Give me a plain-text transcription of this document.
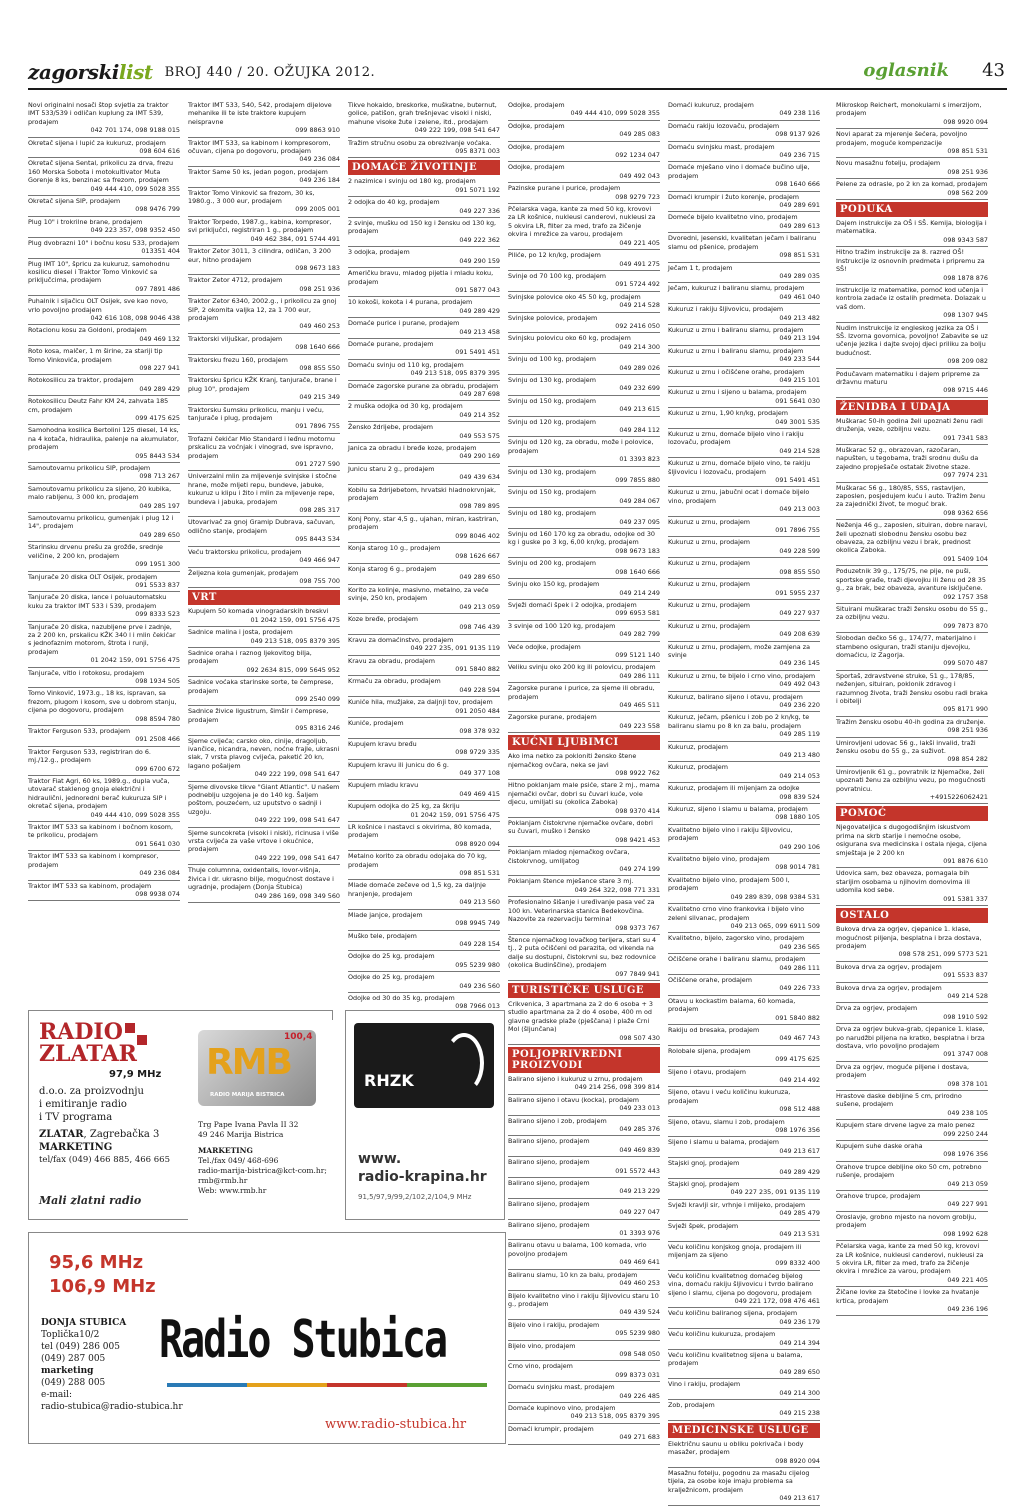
zagorskilist BROJ 440 / 20. OŽUJKA 2012.	oglasnik 43
Novi originalni nosači štop svjetla za traktor IMT 533/539 i odličan kuplung za IMT 539, prodajem
042 701 174, 098 9188 015
Okretač sijena i lupić za kukuruz, prodajem
098 604 616
Okretač sijena Sental, prikolicu za drva, frezu 160 Morska Sobota i motokultivator Muta Gorenje 8 ks, benzinac sa frezom, prodajem
049 444 410, 099 5028 355
Okretač sijena SIP, prodajem
098 9476 799
Plug 10" i trokrilne brane, prodajem
049 223 357, 098 9352 450
Plug dvobrazni 10" i bočnu kosu 533, prodajem
013351 404
Plug IMT 10", špricu za kukuruz, samohodnu kosilicu diesel i Traktor Tomo Vinković sa priključcima, prodajem
097 7891 486
Puhalnik i sijačicu OLT Osijek, sve kao novo, vrlo povoljno prodajem
042 616 108, 098 9046 438
Rotacionu kosu za Goldoni, prodajem
049 469 132
Roto kosa, malčer, 1 m širine, za stariji tip Tomo Vinkovića, prodajem
098 227 941
Rotokosilicu za traktor, prodajem
049 289 429
Rotokosilicu Deutz Fahr KM 24, zahvata 185 cm, prodajem
099 4175 625
Samohodna kosilica Bertolini 125 diesel, 14 ks, na 4 kotača, hidraulika, palenje na akumulator, prodajem
095 8443 534
Samoutovarnu prikolicu SIP, prodajem
098 713 267
Samoutovarnu prikolicu za sijeno, 20 kubika, malo rabljenu, 3 000 kn, prodajem
049 285 197
Samoutovarnu prikolicu, gumenjak i plug 12 i 14", prodajem
049 289 650
Starinsku drvenu prešu za grožđe, srednje veličine, 2 200 kn, prodajem
099 1951 300
Tanjurače 20 diska OLT Osijek, prodajem
091 5533 837
Tanjurače 20 diska, lance i poluautomatsku kuku za traktor IMT 533 i 539, prodajem
099 8333 523
Tanjurače 20 diska, nazubljene prve i zadnje, za 2 200 kn, prskalicu KŽK 340 l i mlin čekićar s jednofaznim motorom, štrota i runji, prodajem
01 2042 159, 091 5756 475
Tanjurače, vitlo i rotokosu, prodajem
098 1934 505
Tomo Vinković, 1973.g., 18 ks, ispravan, sa frezom, plugom i kosom, sve u dobrom stanju, cijena po dogovoru, prodajem
098 8594 780
Traktor Ferguson 533, prodajem
091 2508 466
Traktor Ferguson 533, registriran do 6. mj./12.g., prodajem
099 6700 672
Traktor Fiat Agri, 60 ks, 1989.g., dupla vuča, utovarač staklenog gnoja električni i hidraulični, jednoredni berač kukuruza SIP i okretač sijena, prodajem
049 444 410, 099 5028 355
Traktor IMT 533 sa kabinom i bočnom kosom, te prikolicu, prodajem
091 5641 030
Traktor IMT 533 sa kabinom i kompresor, prodajem
049 236 084
Traktor IMT 533 sa kabinom, prodajem
098 9938 074
Traktor IMT 533, 540, 542, prodajem dijelove mehanike ili te iste traktore kupujem neispravne
099 8863 910
Traktor IMT 533, sa kabinom i kompresorom, očuvan, cijena po dogovoru, prodajem
049 236 084
Traktor Same 50 ks, jedan pogon, prodajem
049 236 184
Traktor Tomo Vinković sa frezom, 30 ks, 1980.g., 3 000 eur, prodajem
099 2005 001
Traktor Torpedo, 1987.g., kabina, kompresor, svi priključci, registriran 1 g., prodajem
049 462 384, 091 5744 491
Traktor Zetor 3011, 3 cilindra, odličan, 3 200 eur, hitno prodajem
098 9673 183
Traktor Zetor 4712, prodajem
098 251 936
Traktor Zetor 6340, 2002.g., i prikolicu za gnoj SIP, 2 okomita valjka 12, za 1 700 eur, prodajem
049 460 253
Traktorski viljuškar, prodajem
098 1640 666
Traktorsku frezu 160, prodajem
098 855 550
Traktorsku špricu KŽK Kranj, tanjurače, brane i plug 10", prodajem
049 215 349
Traktorsku šumsku prikolicu, manju i veću, tanjurače i plug, prodajem
091 7896 755
Trofazni čekićar Mio Standard i leđnu motornu prskalicu za voćnjak i vinograd, sve ispravno, prodajem
091 2727 590
Univerzalni mlin za mljevenje svinjske i stočne hrane, može mljeti repu, bundeve, jabuke, kukuruz u klipu i žito i mlin za mljevenje repe, bundeva i jabuka, prodajem
098 285 317
Utovarivač za gnoj Gramip Dubrava, sačuvan, odlično stanje, prodajem
095 8443 534
Veću traktorsku prikolicu, prodajem
049 466 947
Željezna kola gumenjak, prodajem
098 755 700
VRT
Kupujem 50 komada vinogradarskih breskvi
01 2042 159, 091 5756 475
Sadnice malina i josta, prodajem
049 213 518, 095 8379 395
Sadnice oraha i raznog ljekovitog bilja, prodajem
092 2634 815, 099 5645 952
Sadnice voćaka starinske sorte, te čemprese, prodajem
099 2540 099
Sadnice živice ligustrum, šimšir i čemprese, prodajem
095 8316 246
Sjeme cvijeća; carsko oko, cinije, dragoljub, ivančice, nicandra, neven, noćne frajle, ukrasni slak, 7 vrsta plavog cvijeća, paketić 20 kn, lagano pošaljem
049 222 199, 098 541 647
Sjeme divovske tikve "Giant Atlantic". U našem podneblju uzgojena je do 140 kg. Šaljem poštom, pouzećem, uz uputstvo o sadnji i uzgoju.
049 222 199, 098 541 647
Sjeme suncokreta (visoki i niski), ricinusa i više vrsta cvijeća za vaše vrtove i okućnice, prodajem
049 222 199, 098 541 647
Thuje columnna, oxidentalis, lovor-višnja, živica i dr. ukrasno bilje, mogućnost dostave i ugradnje, prodajem (Donja Stubica)
049 286 169, 098 349 560
Tikve hokaido, breskorke, muškatne, buternut, golice, patišon, grah trešnjevac visoki i niski, mahune visoke žute i zelene, itd., prodajem
049 222 199, 098 541 647
Tražim stručnu osobu za obrezivanje voćaka.
095 8371 003
DOMAĆE ŽIVOTINJE
2 nazimice i svinju od 180 kg, prodajem
091 5071 192
2 odojka do 40 kg, prodajem
049 227 336
2 svinje, mušku od 150 kg i žensku od 130 kg, prodajem
049 222 362
3 odojka, prodajem
049 290 159
Američku bravu, mladog pijetla i mladu koku, prodajem
091 5877 043
10 kokoši, kokota i 4 purana, prodajem
049 289 429
Domaće purice i purane, prodajem
049 213 458
Domaće purane, prodajem
091 5491 451
Domaću svinju od 110 kg, prodajem
049 213 518, 095 8379 395
Domaće zagorske purane za obradu, prodajem
049 287 698
2 muška odojka od 30 kg, prodajem
049 214 352
Žensko ždrijebe, prodajem
049 553 575
Janica za obradu i bređe koze, prodajem
049 290 169
Junicu staru 2 g., prodajem
049 439 634
Kobilu sa ždrijebetom, hrvatski hladnokrvnjak, prodajem
098 789 895
Konj Pony, star 4,5 g., ujahan, miran, kastriran, prodajem
099 8046 402
Konja starog 10 g., prodajem
098 1626 667
Konja starog 6 g., prodajem
049 289 650
Korito za kolinje, masivno, metalno, za veće svinje, 250 kn, prodajem
049 213 059
Koze bređe, prodajem
098 746 439
Kravu za domaćinstvo, prodajem
049 227 235, 091 9135 119
Kravu za obradu, prodajem
091 5840 882
Krmaču za obradu, prodajem
049 228 594
Kuniće hila, mužjake, za daljnji tov, prodajem
091 2050 484
Kuniće, prodajem
098 378 932
Kupujem kravu bređu
098 9729 335
Kupujem kravu ili junicu do 6 g.
049 377 108
Kupujem mladu kravu
049 469 415
Kupujem odojka do 25 kg, za škriju
01 2042 159, 091 5756 475
LR košnice i nastavci s okvirima, 80 komada, prodajem
098 8920 094
Metalno korito za obradu odojaka do 70 kg, prodajem
098 851 531
Mlade domaće zečeve od 1,5 kg, za daljnje hranjenje, prodajem
049 213 560
Mlade janjce, prodajem
098 9945 749
Muško tele, prodajem
049 228 154
Odojke do 25 kg, prodajem
095 5239 980
Odojke do 25 kg, prodajem
049 236 560
Odojke od 30 do 35 kg, prodajem
098 7966 013
Odojke, prodajem
049 444 410, 099 5028 355
Odojke, prodajem
049 285 083
Odojke, prodajem
092 1234 047
Odojke, prodajem
049 492 043
Pazinske purane i purice, prodajem
098 9279 723
Pčelarska vaga, kante za med 50 kg, krovovi za LR košnice, nukleusi canderovi, nukleusi za 5 okvira LR, filter za med, trafo za žičenje okvira i mrežice za varou, prodajem
049 221 405
Piliće, po 12 kn/kg, prodajem
049 491 275
Svinje od 70 100 kg, prodajem
091 5724 492
Svinjske polovice oko 45 50 kg, prodajem
049 214 528
Svinjske polovice, prodajem
092 2416 050
Svinjsku polovicu oko 60 kg, prodajem
049 214 300
Svinju od 100 kg, prodajem
049 289 026
Svinju od 130 kg, prodajem
049 232 699
Svinju od 150 kg, prodajem
049 213 615
Svinju od 120 kg, prodajem
049 284 112
Svinju od 120 kg, za obradu, može i polovice, prodajem
01 3393 823
Svinju od 130 kg, prodajem
099 7855 880
Svinju od 150 kg, prodajem
049 284 067
Svinju od 180 kg, prodajem
049 237 095
Svinju od 160 170 kg za obradu, odojke od 30 kg i guske po 3 kg, 6,00 kn/kg, prodajem
098 9673 183
Svinju od 200 kg, prodajem
098 1640 666
Svinju oko 150 kg, prodajem
049 214 249
Svježi domaći špek i 2 odojka, prodajem
099 6953 581
3 svinje od 100 120 kg, prodajem
049 282 799
Veće odojke, prodajem
099 5121 140
Veliku svinju oko 200 kg ili polovicu, prodajem
049 286 111
Zagorske purane i purice, za sjeme ili obradu, prodajem
049 465 511
Zagorske purane, prodajem
049 223 558
KUĆNI LJUBIMCI
Ako ima netko za pokloniti žensko štene njemačkog ovčara, neka se javi
098 9922 762
Hitno poklanjam male psiće, stare 2 mj., mama njemački ovčar, dobri su čuvari kuće, vole djecu, umiljati su (okolica Zaboka)
098 9370 414
Poklanjam čistokrvne njemačke ovčare, dobri su čuvari, muško i žensko
098 9421 453
Poklanjam mladog njemačkog ovčara, čistokrvnog, umiljatog
049 274 199
Poklanjam štence mješance stare 3 mj.
049 264 322, 098 771 331
Profesionalno šišanje i uređivanje pasa već za 100 kn. Veterinarska stanica Bedekovčina. Nazovite za rezervaciju termina!
098 9373 767
Štence njemačkog lovačkog terijera, stari su 4 tj., 2 puta očišćeni od parazita, od vikenda na dalje su dostupni, čistokrvni su, bez rodovnice (okolica Budinščine), prodajem
097 7849 941
TURISTIČKE USLUGE
Crikvenica, 3 apartmana za 2 do 6 osoba + 3 studio apartmana za 2 do 4 osobe, 400 m od glavne gradske plaže (pješčana) i plaže Crni Mol (šljunčana)
098 507 430
POLJOPRIVREDNI PROIZVODI
Balirano sijeno i kukuruz u zrnu, prodajem
049 214 256, 098 399 814
Balirano sijeno i otavu (kocka), prodajem
049 233 013
Balirano sijeno i zob, prodajem
049 285 376
Balirano sijeno, prodajem
049 469 839
Balirano sijeno, prodajem
091 5572 443
Balirano sijeno, prodajem
049 213 229
Balirano sijeno, prodajem
049 227 047
Balirano sijeno, prodajem
01 3393 976
Baliranu otavu u balama, 100 komada, vrlo povoljno prodajem
049 469 641
Baliranu slamu, 10 kn za balu, prodajem
049 460 253
Bijelo kvalitetno vino i rakiju šljivovicu staru 10 g., prodajem
049 439 524
Bijelo vino i rakiju, prodajem
095 5239 980
Bijelo vino, prodajem
098 548 050
Crno vino, prodajem
099 8373 031
Domaću svinjsku mast, prodajem
049 226 485
Domaće kupinovo vino, prodajem
049 213 518, 095 8379 395
Domaći krumpir, prodajem
049 271 683
Domaći kukuruz, prodajem
049 238 116
Domaću rakiju lozovaču, prodajem
098 9137 926
Domaću svinjsku mast, prodajem
049 236 715
Domaće mješano vino i domaće bučino ulje, prodajem
098 1640 666
Domaći krumpir i žuto korenje, prodajem
049 289 691
Domeće bijelo kvalitetno vino, prodajem
049 289 613
Dvoredni, jesenski, kvalitetan ječam i baliranu slamu od pšenice, prodajem
098 851 531
Ječam 1 t, prodajem
049 289 035
Ječam, kukuruz i baliranu slamu, prodajem
049 461 040
Kukuruz i rakiju šljivovicu, prodajem
049 213 482
Kukuruz u zrnu i baliranu slamu, prodajem
049 213 194
Kukuruz u zrnu i baliranu slamu, prodajem
049 233 544
Kukuruz u zrnu i očišćene orahe, prodajem
049 215 101
Kukuruz u zrnu i sijeno u balama, prodajem
091 5641 030
Kukuruz u zrnu, 1,90 kn/kg, prodajem
049 3001 535
Kukuruz u zrnu, domaće bijelo vino i rakiju lozovaču, prodajem
049 214 528
Kukuruz u zrnu, domaće bijelo vino, te rakiju šljivovicu i lozovaču, prodajem
091 5491 451
Kukuruz u zrnu, jabučni ocat i domaće bijelo vino, prodajem
049 213 003
Kukuruz u zrnu, prodajem
091 7896 755
Kukuruz u zrnu, prodajem
049 228 599
Kukuruz u zrnu, prodajem
098 855 550
Kukuruz u zrnu, prodajem
091 5955 237
Kukuruz u zrnu, prodajem
049 227 937
Kukuruz u zrnu, prodajem
049 208 639
Kukuruz u zrnu, prodajem, može zamjena za svinje
049 236 145
Kukuruz u zrnu, te bijelo i crno vino, prodajem
049 492 043
Kukuruz, balirano sijeno i otavu, prodajem
049 236 220
Kukuruz, ječam, pšenicu i zob po 2 kn/kg, te baliranu slamu po 8 kn za balu, prodajem
049 285 119
Kukuruz, prodajem
049 213 480
Kukuruz, prodajem
049 214 053
Kukuruz, prodajem ili mijenjam za odojke
098 839 524
Kukuruz, sijeno i slamu u balama, prodajem
098 1880 105
Kvalitetno bijelo vino i rakiju šljivovicu, prodajem
049 290 106
Kvalitetno bijelo vino, prodajem
098 9014 781
Kvalitetno bijelo vino, prodajem 500 l, prodajem
049 289 839, 098 9384 531
Kvalitetno crno vino frankovka i bijelo vino zeleni silvanac, prodajem
049 213 065, 099 6911 509
Kvalitetno, bijelo, zagorsko vino, prodajem
049 236 565
Očišćene orahe i baliranu slamu, prodajem
049 286 111
Očišćene orahe, prodajem
049 226 733
Otavu u kockastim balama, 60 komada, prodajem
091 5840 882
Rakiju od bresaka, prodajem
049 467 743
Rolobale sijena, prodajem
099 4175 625
Sijeno i otavu, prodajem
049 214 492
Sijeno, otavu i veću količinu kukuruza, prodajem
098 512 488
Sijeno, otavu, slamu i zob, prodajem
098 1976 356
Sijeno i slamu u balama, prodajem
049 213 617
Stajski gnoj, prodajem
049 289 429
Stajski gnoj, prodajem
049 227 235, 091 9135 119
Svježi kravlji sir, vrhnje i mlijeko, prodajem
049 285 479
Svježi špek, prodajem
049 213 531
Veću količinu konjskog gnoja, prodajem ili mijenjam za sijeno
099 8332 400
Veću količinu kvalitetnog domaćeg bijelog vina, domaću rakiju šljivovicu i tvrdo balirano sijeno i slamu, cijena po dogovoru, prodajem
049 221 172, 098 476 461
Veću količinu baliranog sijena, prodajem
049 236 179
Veću količinu kukuruza, prodajem
049 214 394
Veću količinu kvalitetnog sijena u balama, prodajem
049 289 650
Vino i rakiju, prodajem
049 214 300
Zob, prodajem
049 215 238
MEDICINSKE USLUGE
Električnu saunu u obliku pokrivača i body masažer, prodajem
098 8920 094
Masažnu fotelju, pogodnu za masažu cijelog tijela, za osobe koje imaju problema sa kralježnicom, prodajem
049 213 617
Mikroskop Reichert, monokularni s imerzijom, prodajem
098 9920 094
Novi aparat za mjerenje šećera, povoljno prodajem, moguće kompenzacije
098 851 531
Novu masažnu fotelju, prodajem
098 251 936
Pelene za odrasle, po 2 kn za komad, prodajem
098 562 209
PODUKA
Dajem instrukcije za OŠ i SŠ. Kemija, biologija i matematika.
098 9343 587
Hitno tražim instrukcije za 8. razred OŠ! Instrukcije iz osnovnih predmeta i pripremu za SŠ!
098 1878 876
Instrukcije iz matematike, pomoć kod učenja i kontrola zadaće iz ostalih predmeta. Dolazak u vaš dom.
098 1307 945
Nudim instrukcije iz engleskog jezika za OŠ i SŠ. Izvorna govornica, povoljno! Zabavite se uz učenje jezika i dajte svojoj djeci priliku za bolju budućnost.
098 209 082
Podučavam matematiku i dajem pripreme za državnu maturu
098 9715 446
ŽENIDBA I UDAJA
Muškarac 50-ih godina želi upoznati ženu radi druženja, veze, ozbiljnu vezu.
091 7341 583
Muškarac 52 g., obrazovan, razočaran, napušten, u tegobama, traži srodnu dušu da zajedno propješače ostatak životne staze.
097 7974 231
Muškarac 56 g., 180/85, SSS, rastavljen, zaposlen, posjedujem kuću i auto. Tražim ženu za zajednički život, te moguć brak.
098 9362 656
Neženja 46 g., zaposlen, situiran, dobre naravi, želi upoznati slobodnu žensku osobu bez obaveza, za ozbiljnu vezu i brak, prednost okolica Zaboka.
091 5409 104
Poduzetnik 39 g., 175/75, ne pije, ne puši, sportske građe, traži djevojku ili ženu od 28 35 g., za brak, bez obaveza, avanture isključene.
092 1757 358
Situirani muškarac traži žensku osobu do 55 g., za ozbiljnu vezu.
099 7873 870
Slobodan dečko 56 g., 174/77, materijalno i stambeno osiguran, traži staniju djevojku, domaćicu, iz Zagorja.
099 5070 487
Sportaš, zdravstvene struke, 51 g., 178/85, neženjen, situiran, poklonik zdravog i razumnog života, traži žensku osobu radi braka i obitelji
095 8171 990
Tražim žensku osobu 40-ih godina za druženje.
098 251 936
Umirovljeni udovac 56 g., lakši invalid, traži žensku osobu do 55 g., za suživot.
098 854 282
Umirovljenik 61 g., povratnik iz Njemačke, želi upoznati ženu za ozbiljnu vezu, po mogućnosti povratnicu.
+4915226062421
POMOĆ
Njegovateljica s dugogodišnjim iskustvom prima na skrb starije i nemoćne osobe, osigurana sva medicinska i ostala njega, cijena smještaja je 2 200 kn
091 8876 610
Udovica sam, bez obaveza, pomagala bih starijim osobama u njihovim domovima ili udomila kod sebe.
091 5381 337
OSTALO
Bukova drva za ogrjev, cjepanice 1. klase, mogućnost piljenja, besplatna i brza dostava, prodajem
098 578 251, 099 5773 521
Bukova drva za ogrjev, prodajem
091 5533 837
Bukova drva za ogrjev, prodajem
049 214 528
Drva za ogrjev, prodajem
098 1910 592
Drva za ogrjev bukva-grab, cjepanice 1. klase, po narudžbi piljena na kratko, besplatna i brza dostava, vrlo povoljno prodajem
091 3747 008
Drva za ogrjev, moguće piljene i dostava, prodajem
098 378 101
Hrastove daske debljine 5 cm, prirodno sušene, prodajem
049 238 105
Kupujem stare drvene lagve za malo penez
099 2250 244
Kupujem suhe daske oraha
098 1976 356
Orahove trupce debljine oko 50 cm, potrebno rušenje, prodajem
049 213 059
Orahove trupce, prodajem
049 227 991
Oroslavje, grobno mjesto na novom groblju, prodajem
098 1992 628
Pčelarska vaga, kante za med 50 kg, krovovi za LR košnice, nukleusi canderovi, nukleusi za 5 okvira LR, filter za med, trafo za žičenje okvira i mrežice za varou, prodajem
049 221 405
Žičane lovke za štetočine i lovke za hvatanje krtica, prodajem
049 236 196
RADIO
ZLATAR
97,9 MHz
d.o.o. za proizvodnju
i emitiranje radio
i TV programa
ZLATAR, Zagrebačka 3
MARKETING
tel/fax (049) 466 885, 466 665
Mali zlatni radio
RMB
100,4
RADIO MARIJA BISTRICA
Trg Pape Ivana Pavla II 32
49 246 Marija Bistrica
MARKETING
Tel./fax 049/ 468-696
radio-marija-bistrica@kct-com.hr;
rmb@rmb.hr
Web: www.rmb.hr
RHZK
www.
radio-krapina.hr
91,5/97,9/99,2/102,2/104,9 MHz
95,6 MHz
106,9 MHz
DONJA STUBICA
Toplička10/2
tel (049) 286 005
(049) 287 005
marketing
(049) 288 005
e-mail:
radio-stubica@radio-stubica.hr
Radio Stubica
www.radio-stubica.hr
